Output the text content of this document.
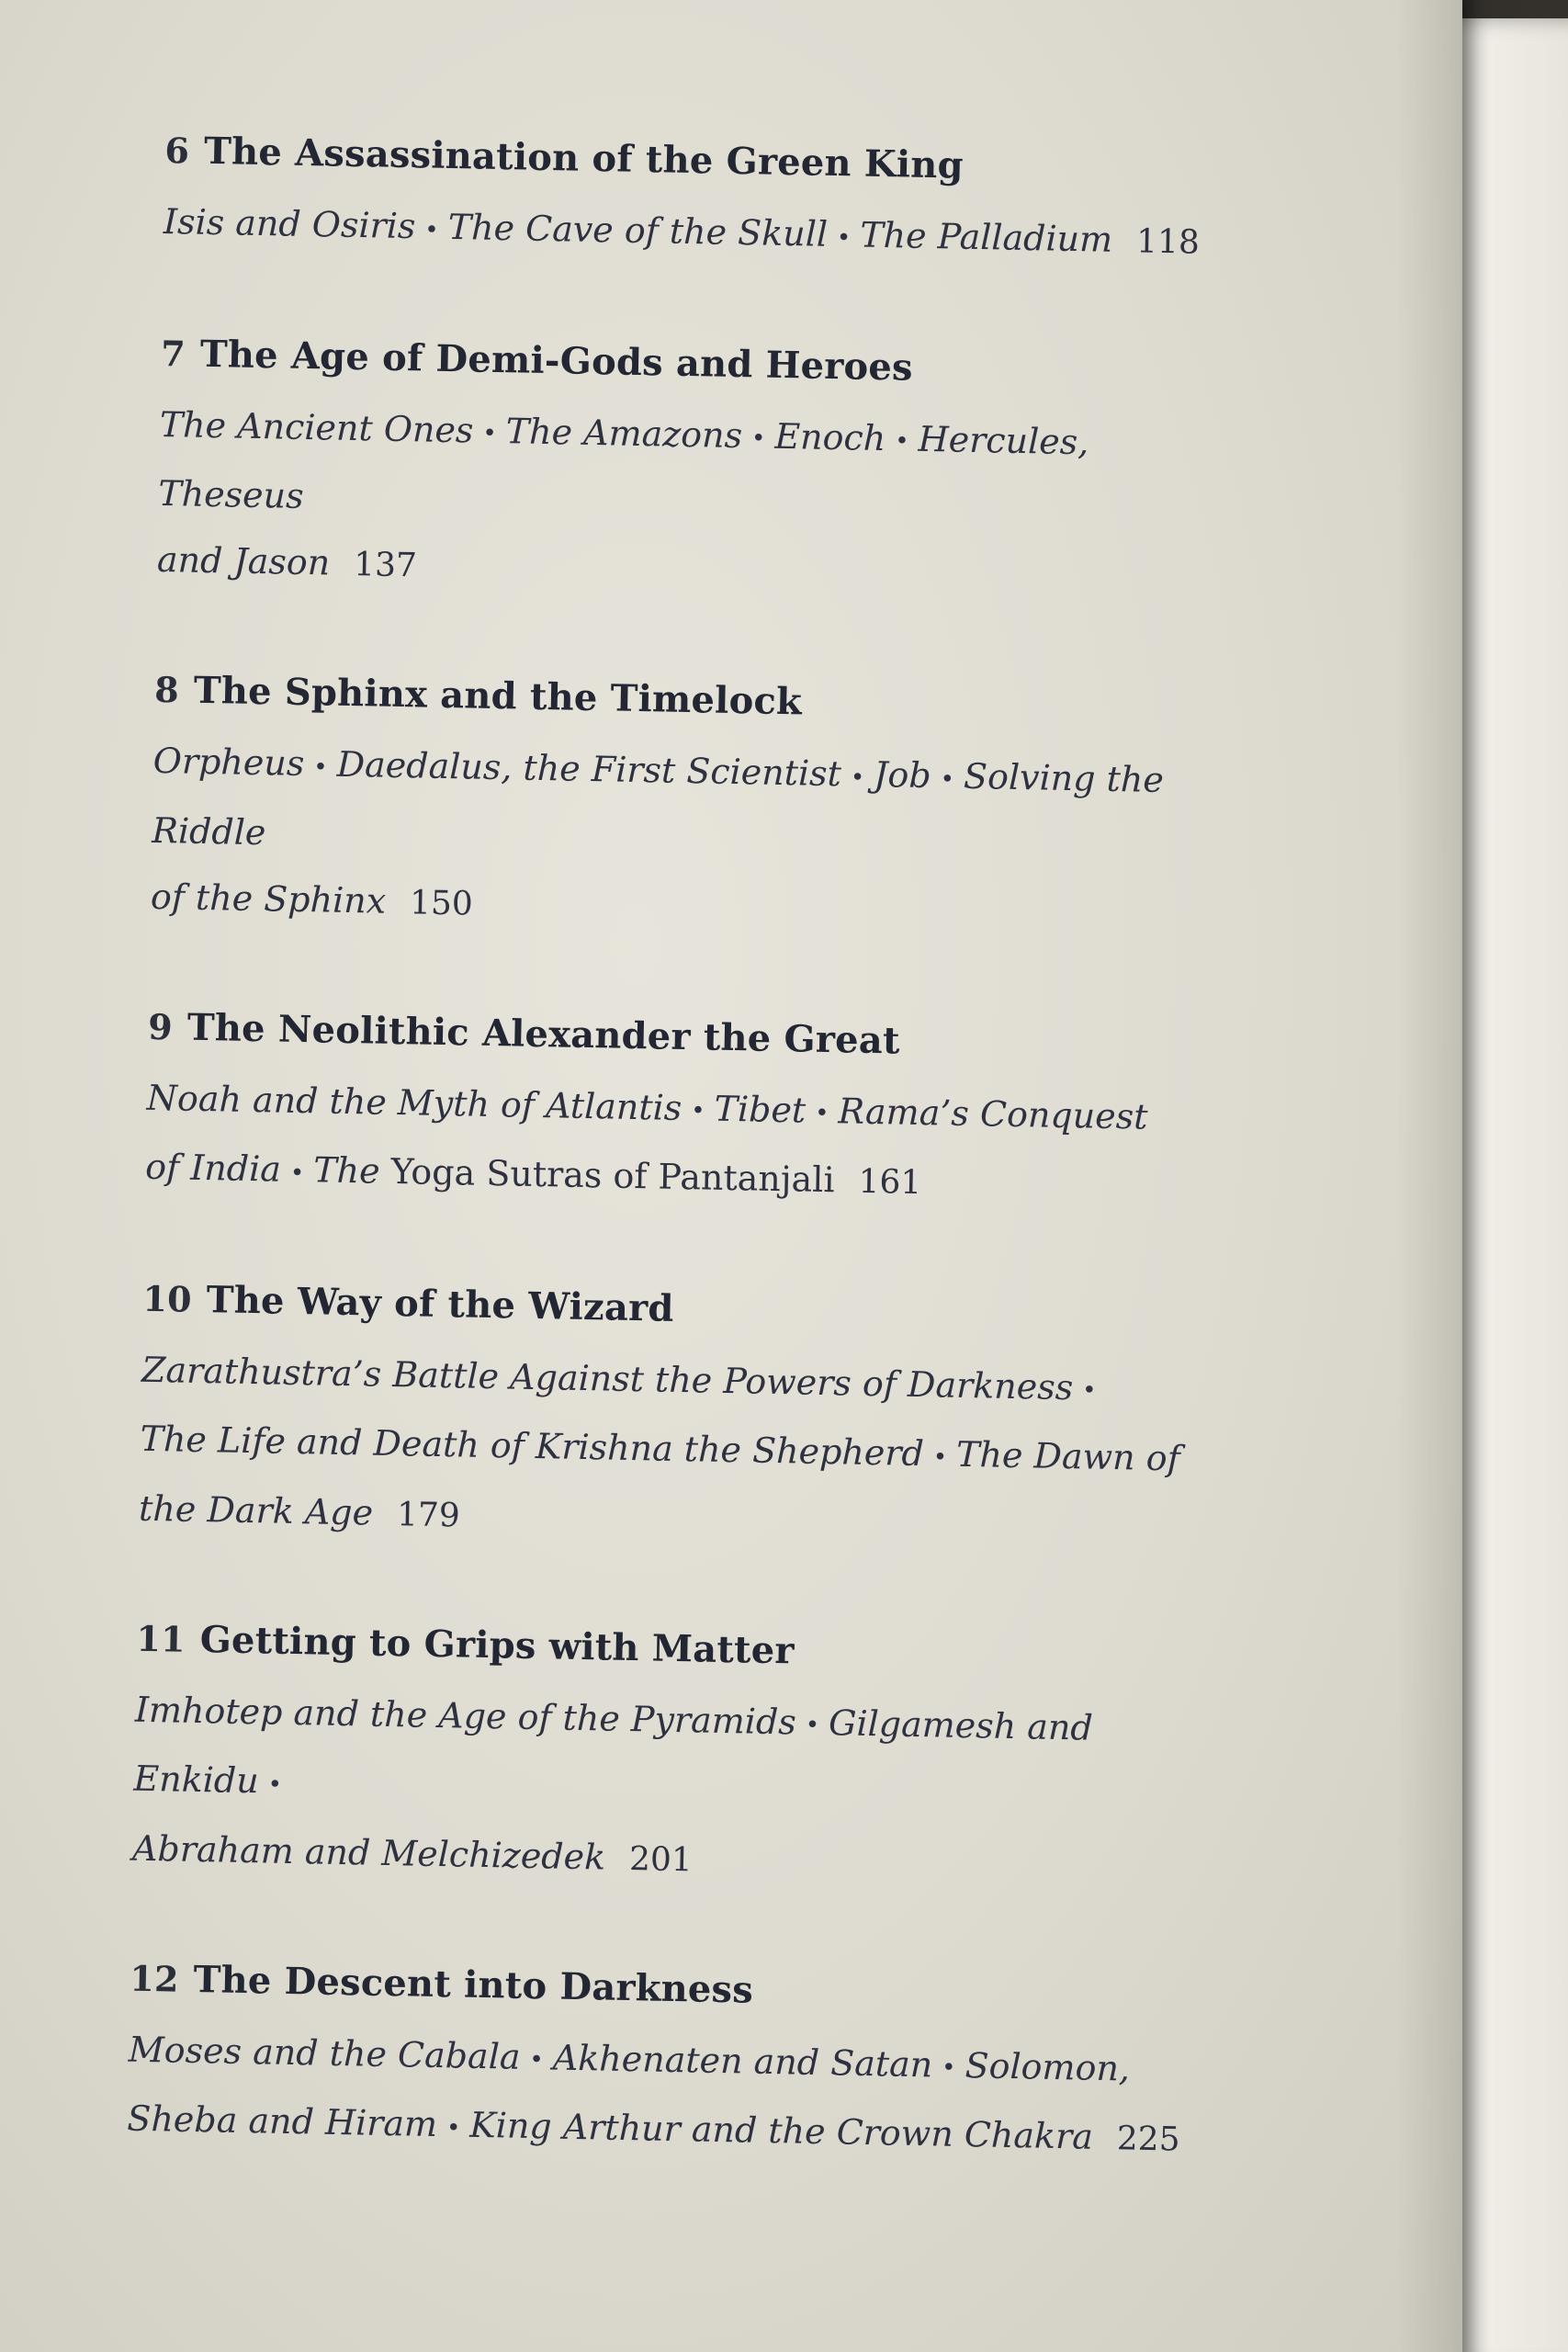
6 The Assassination of the Green King
Isis and Osiris • The Cave of the Skull • The Palladium 118
7 The Age of Demi-Gods and Heroes
The Ancient Ones • The Amazons • Enoch • Hercules, Theseus
and Jason 137
8 The Sphinx and the Timelock
Orpheus • Daedalus, the First Scientist • Job • Solving the Riddle
of the Sphinx 150
9 The Neolithic Alexander the Great
Noah and the Myth of Atlantis • Tibet • Rama’s Conquest
of India • The Yoga Sutras of Pantanjali 161
10 The Way of the Wizard
Zarathustra’s Battle Against the Powers of Darkness •
The Life and Death of Krishna the Shepherd • The Dawn of
the Dark Age 179
11 Getting to Grips with Matter
Imhotep and the Age of the Pyramids • Gilgamesh and Enkidu •
Abraham and Melchizedek 201
12 The Descent into Darkness
Moses and the Cabala • Akhenaten and Satan • Solomon,
Sheba and Hiram • King Arthur and the Crown Chakra 225
